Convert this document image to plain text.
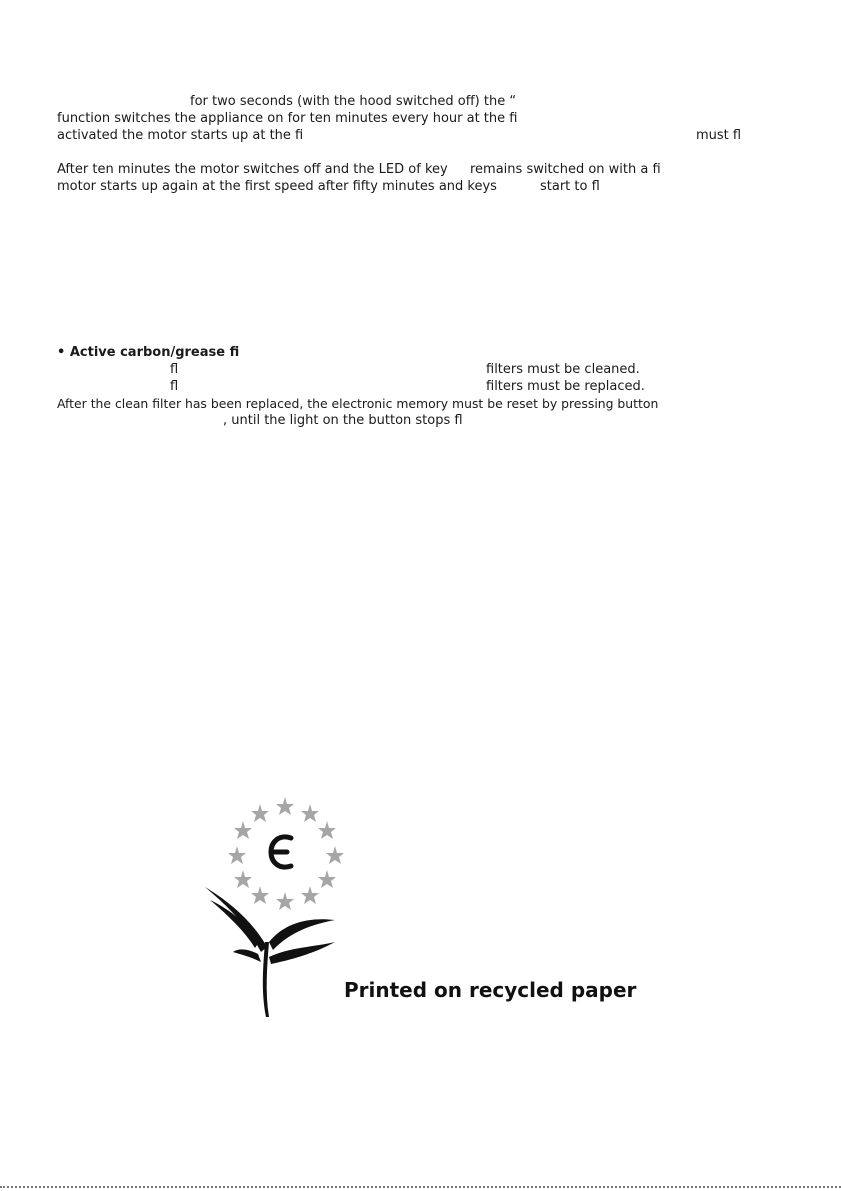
for two seconds (with the hood switched off) the “

function switches the appliance on for ten minutes every hour at the ﬁ

activated the motor starts up at the ﬁ	must ﬂ

After ten minutes the motor switches oﬀ and the LED of key remains switched on with a ﬁ

motor starts up again at the ﬁrst speed after ﬁfty minutes and keys	start to ﬂ

• Active carbon/grease ﬁ

ﬂ	ﬁlters must be cleaned.

ﬂ	ﬁlters must be replaced.

After the clean ﬁlter has been replaced, the electronic memory must be reset by pressing button

, until the light on the button stops ﬂ

Printed on recycled paper
